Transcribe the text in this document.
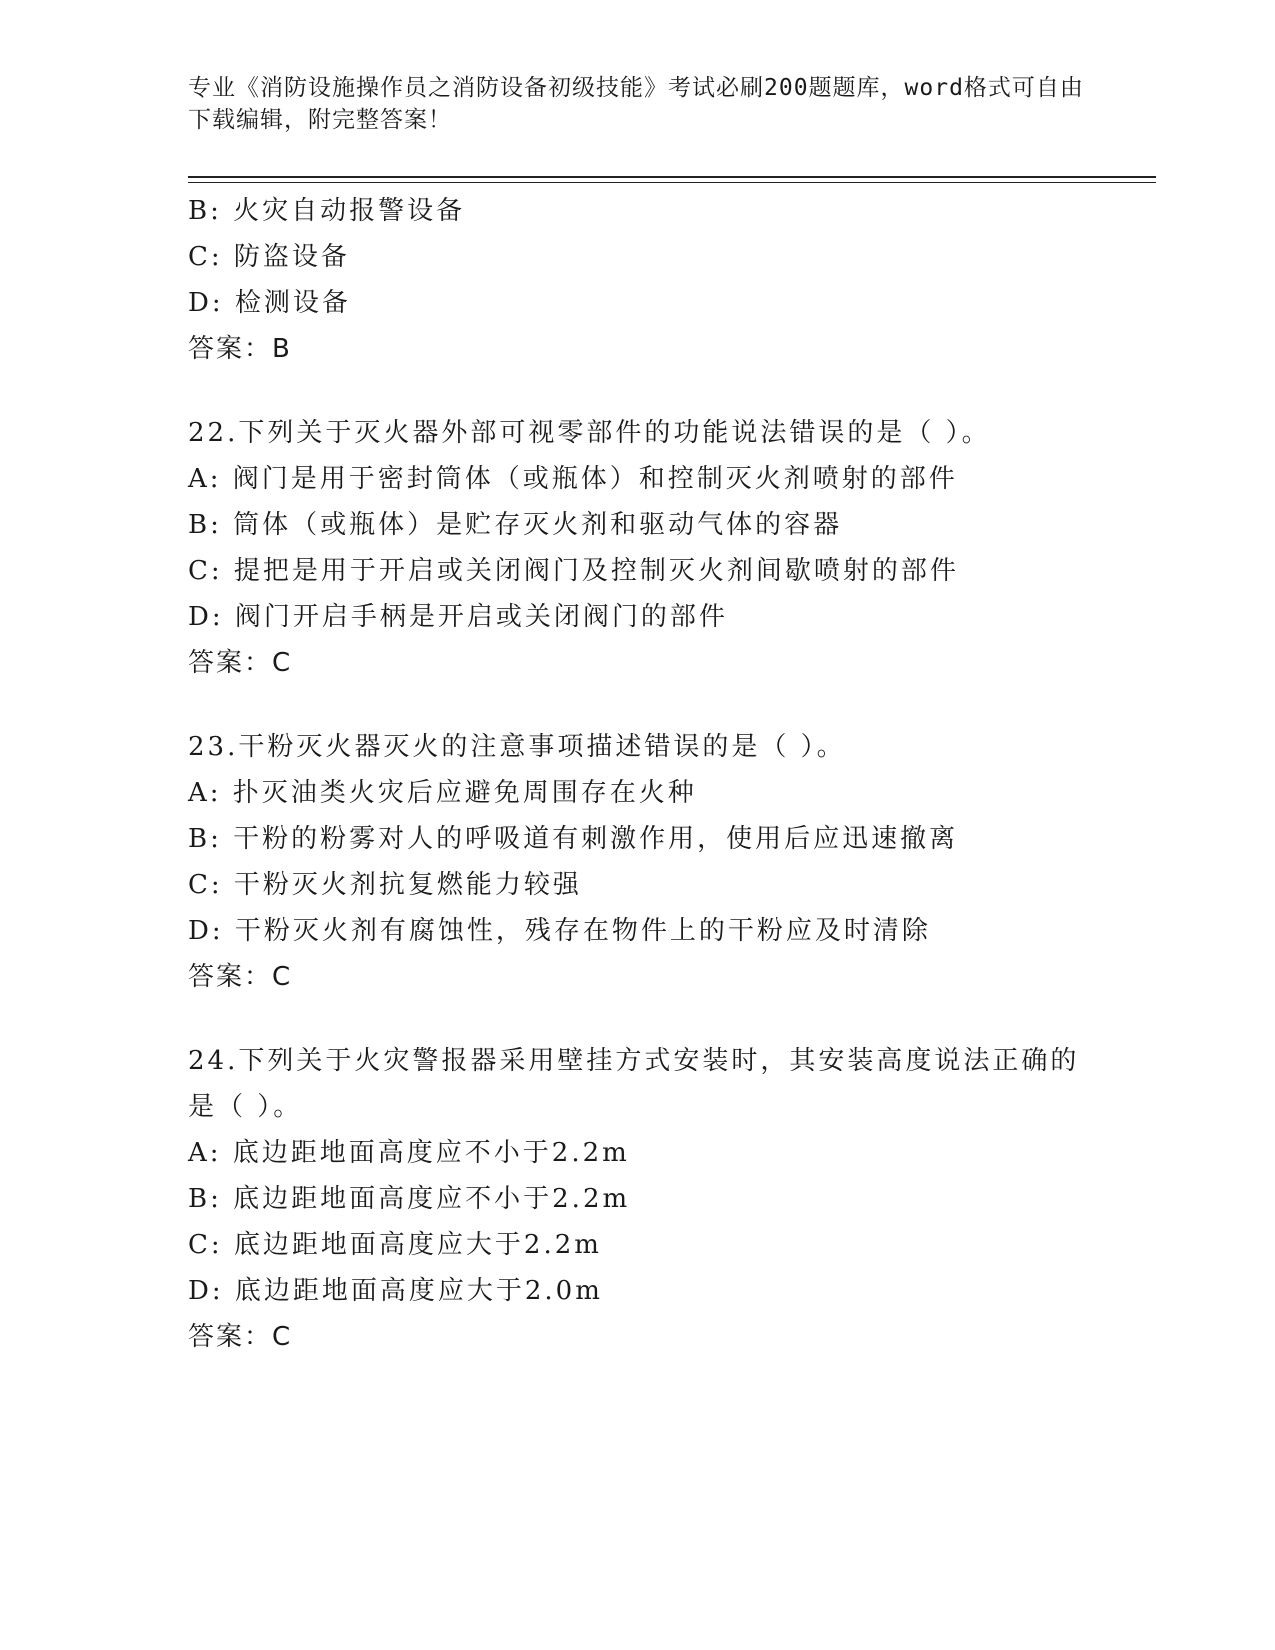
专业《消防设施操作员之消防设备初级技能》考试必刷200题题库，word格式可自由下载编辑，附完整答案！
B: 火灾自动报警设备
C: 防盗设备
D: 检测设备
答案：B
22.下列关于灭火器外部可视零部件的功能说法错误的是（ ）。
A: 阀门是用于密封筒体（或瓶体）和控制灭火剂喷射的部件
B: 筒体（或瓶体）是贮存灭火剂和驱动气体的容器
C: 提把是用于开启或关闭阀门及控制灭火剂间歇喷射的部件
D: 阀门开启手柄是开启或关闭阀门的部件
答案：C
23.干粉灭火器灭火的注意事项描述错误的是（ ）。
A: 扑灭油类火灾后应避免周围存在火种
B: 干粉的粉雾对人的呼吸道有刺激作用，使用后应迅速撤离
C: 干粉灭火剂抗复燃能力较强
D: 干粉灭火剂有腐蚀性，残存在物件上的干粉应及时清除
答案：C
24.下列关于火灾警报器采用壁挂方式安装时，其安装高度说法正确的
是（ ）。
A: 底边距地面高度应不小于2.2m
B: 底边距地面高度应不小于2.2m
C: 底边距地面高度应大于2.2m
D: 底边距地面高度应大于2.0m
答案：C
